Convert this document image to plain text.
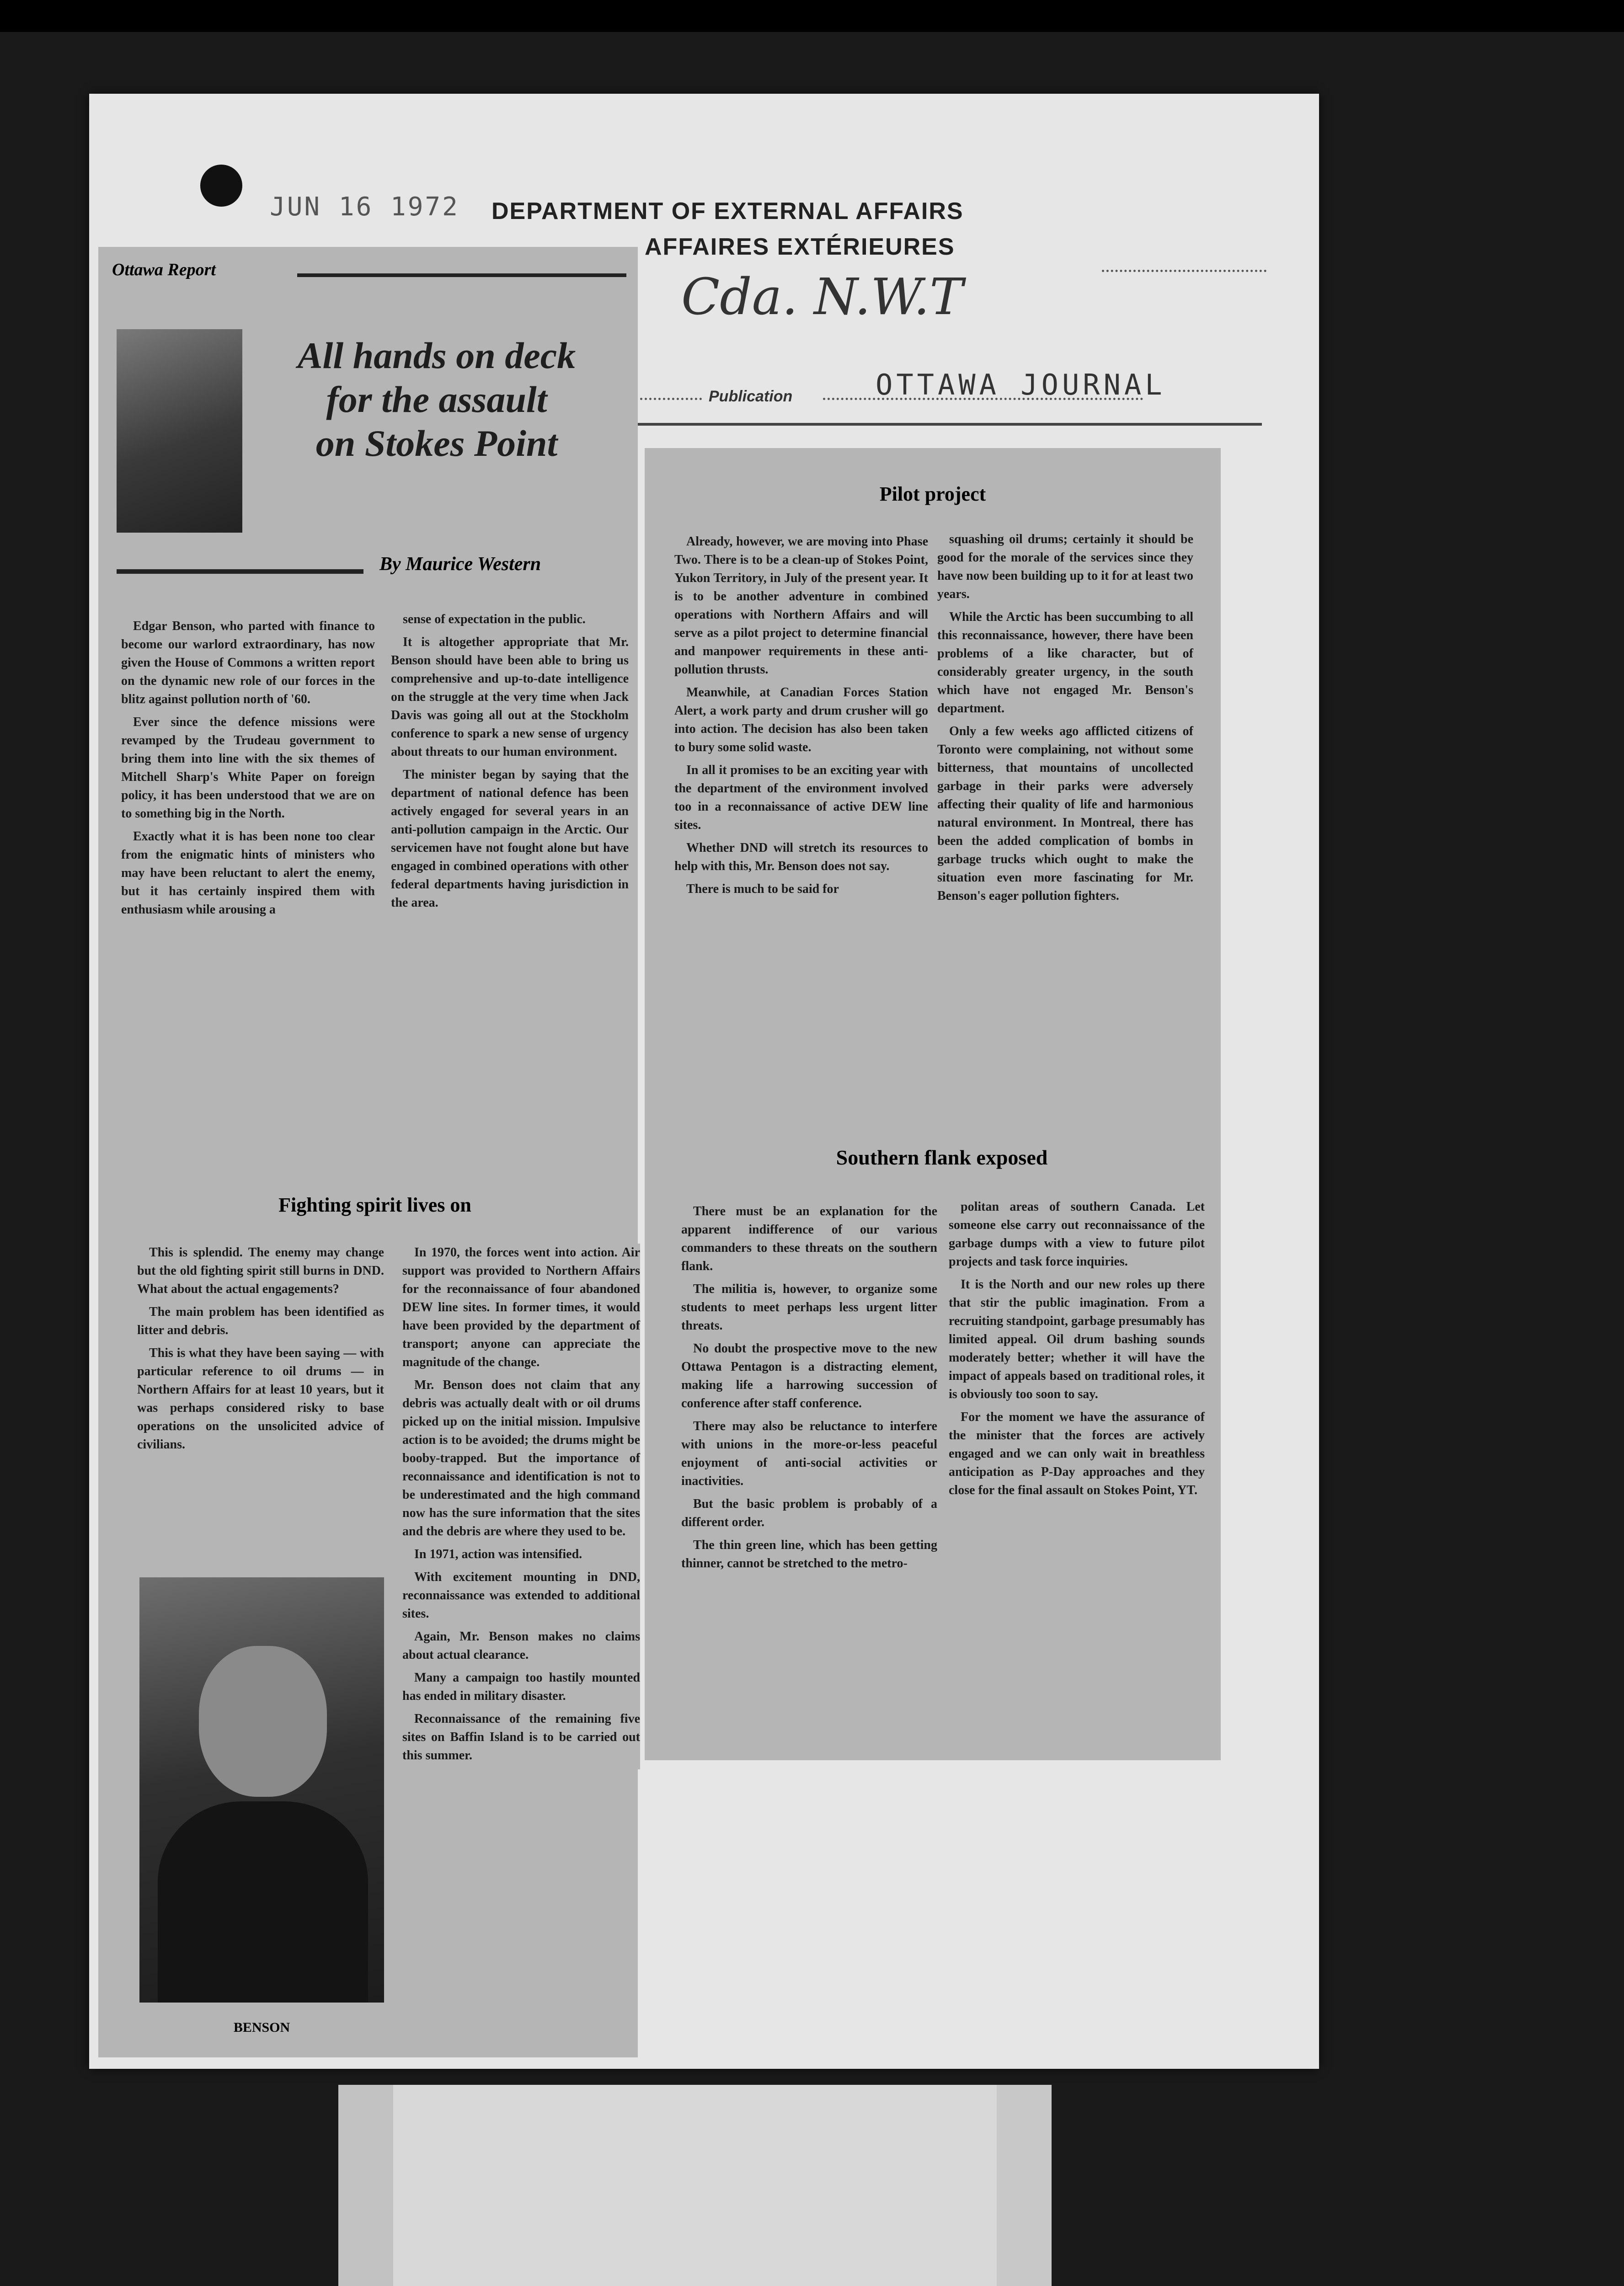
JUN 16 1972 DEPARTMENT OF EXTERNAL AFFAIRS
AFFAIRES EXTÉRIEURES
Cda. N.W.T
Publication	OTTAWA JOURNAL
Ottawa Report
All hands on deck
for the assault
on Stokes Point
By Maurice Western

Edgar Benson, who parted with finance to become our warlord extraordinary, has now given the House of Commons a written report on the dynamic new role of our forces in the blitz against pollution north of '60.

Ever since the defence missions were revamped by the Trudeau government to bring them into line with the six themes of Mitchell Sharp's White Paper on foreign policy, it has been understood that we are on to something big in the North.

Exactly what it is has been none too clear from the enigmatic hints of ministers who may have been reluctant to alert the enemy, but it has certainly inspired them with enthusiasm while arousing a

sense of expectation in the public.

It is altogether appropriate that Mr. Benson should have been able to bring us comprehensive and up-to-date intelligence on the struggle at the very time when Jack Davis was going all out at the Stockholm conference to spark a new sense of urgency about threats to our human environment.

The minister began by saying that the department of national defence has been actively engaged for several years in an anti-pollution campaign in the Arctic. Our servicemen have not fought alone but have engaged in combined operations with other federal departments having jurisdiction in the area.

Fighting spirit lives on

This is splendid. The enemy may change but the old fighting spirit still burns in DND. What about the actual engagements?

The main problem has been identified as litter and debris.

This is what they have been saying — with particular reference to oil drums — in Northern Affairs for at least 10 years, but it was perhaps considered risky to base operations on the unsolicited advice of civilians.

In 1970, the forces went into action. Air support was provided to Northern Affairs for the reconnaissance of four abandoned DEW line sites. In former times, it would have been provided by the department of transport; anyone can appreciate the magnitude of the change.

Mr. Benson does not claim that any debris was actually dealt with or oil drums picked up on the initial mission. Impulsive action is to be avoided; the drums might be booby-trapped. But the importance of reconnaissance and identification is not to be underestimated and the high command now has the sure information that the sites and the debris are where they used to be.

In 1971, action was intensified.

With excitement mounting in DND, reconnaissance was extended to additional sites.

Again, Mr. Benson makes no claims about actual clearance.

Many a campaign too hastily mounted has ended in military disaster.

Reconnaissance of the remaining five sites on Baffin Island is to be carried out this summer.

BENSON
Pilot project

Already, however, we are moving into Phase Two. There is to be a clean-up of Stokes Point, Yukon Territory, in July of the present year. It is to be another adventure in combined operations with Northern Affairs and will serve as a pilot project to determine financial and manpower requirements in these anti-pollution thrusts.

Meanwhile, at Canadian Forces Station Alert, a work party and drum crusher will go into action. The decision has also been taken to bury some solid waste.

In all it promises to be an exciting year with the department of the environment involved too in a reconnaissance of active DEW line sites.

Whether DND will stretch its resources to help with this, Mr. Benson does not say.

There is much to be said for

squashing oil drums; certainly it should be good for the morale of the services since they have now been building up to it for at least two years.

While the Arctic has been succumbing to all this reconnaissance, however, there have been problems of a like character, but of considerably greater urgency, in the south which have not engaged Mr. Benson's department.

Only a few weeks ago afflicted citizens of Toronto were complaining, not without some bitterness, that mountains of uncollected garbage in their parks were adversely affecting their quality of life and harmonious natural environment. In Montreal, there has been the added complication of bombs in garbage trucks which ought to make the situation even more fascinating for Mr. Benson's eager pollution fighters.

Southern flank exposed

There must be an explanation for the apparent indifference of our various commanders to these threats on the southern flank.

The militia is, however, to organize some students to meet perhaps less urgent litter threats.

No doubt the prospective move to the new Ottawa Pentagon is a distracting element, making life a harrowing succession of conference after staff conference.

There may also be reluctance to interfere with unions in the more-or-less peaceful enjoyment of anti-social activities or inactivities.

But the basic problem is probably of a different order.

The thin green line, which has been getting thinner, cannot be stretched to the metro-

politan areas of southern Canada. Let someone else carry out reconnaissance of the garbage dumps with a view to future pilot projects and task force inquiries.

It is the North and our new roles up there that stir the public imagination. From a recruiting standpoint, garbage presumably has limited appeal. Oil drum bashing sounds moderately better; whether it will have the impact of appeals based on traditional roles, it is obviously too soon to say.

For the moment we have the assurance of the minister that the forces are actively engaged and we can only wait in breathless anticipation as P-Day approaches and they close for the final assault on Stokes Point, YT.
